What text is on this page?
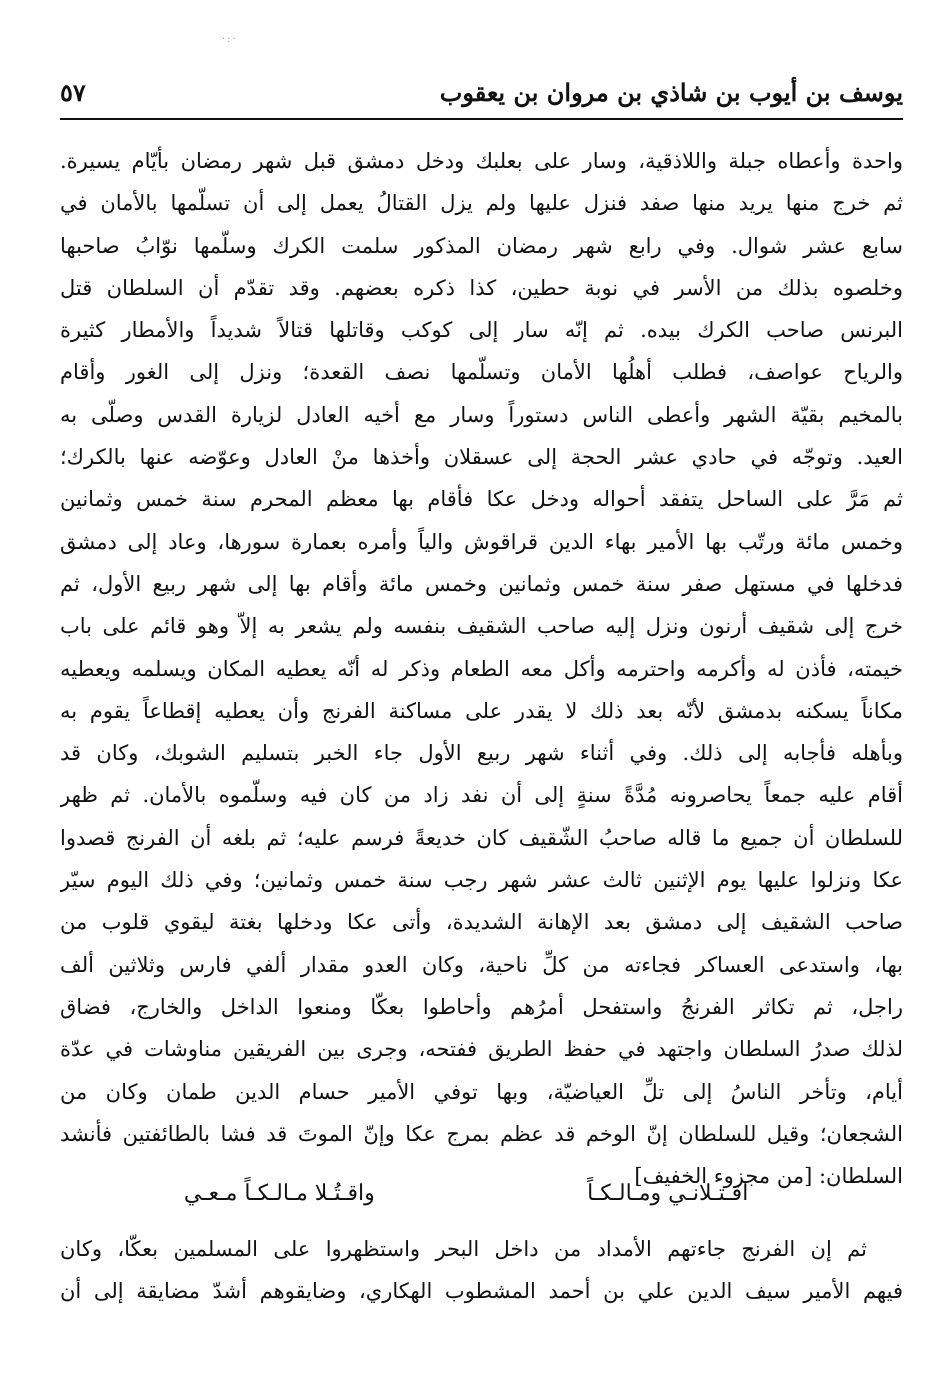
·:·
يوسف بن أيوب بن شاذي بن مروان بن يعقوب
٥٧
واحدة وأعطاه جبلة واللاذقية، وسار على بعلبك ودخل دمشق قبل شهر رمضان بأيّام يسيرة.
ثم خرج منها يريد منها صفد فنزل عليها ولم يزل القتالُ يعمل إلى أن تسلّمها بالأمان في
سابع عشر شوال. وفي رابع شهر رمضان المذكور سلمت الكرك وسلّمها نوّابُ صاحبها
وخلصوه بذلك من الأسر في نوبة حطين، كذا ذكره بعضهم. وقد تقدّم أن السلطان قتل
البرنس صاحب الكرك بيده. ثم إنّه سار إلى كوكب وقاتلها قتالاً شديداً والأمطار كثيرة
والرياح عواصف، فطلب أهلُها الأمان وتسلّمها نصف القعدة؛ ونزل إلى الغور وأقام
بالمخيم بقيّة الشهر وأعطى الناس دستوراً وسار مع أخيه العادل لزيارة القدس وصلّى به
العيد. وتوجّه في حادي عشر الحجة إلى عسقلان وأخذها منْ العادل وعوّضه عنها بالكرك؛
ثم مَرَّ على الساحل يتفقد أحواله ودخل عكا فأقام بها معظم المحرم سنة خمس وثمانين
وخمس مائة ورتّب بها الأمير بهاء الدين قراقوش والياً وأمره بعمارة سورها، وعاد إلى دمشق
فدخلها في مستهل صفر سنة خمس وثمانين وخمس مائة وأقام بها إلى شهر ربيع الأول، ثم
خرج إلى شقيف أرنون ونزل إليه صاحب الشقيف بنفسه ولم يشعر به إلاّ وهو قائم على باب
خيمته، فأذن له وأكرمه واحترمه وأكل معه الطعام وذكر له أنّه يعطيه المكان ويسلمه ويعطيه
مكاناً يسكنه بدمشق لأنّه بعد ذلك لا يقدر على مساكنة الفرنج وأن يعطيه إقطاعاً يقوم به
وبأهله فأجابه إلى ذلك. وفي أثناء شهر ربيع الأول جاء الخبر بتسليم الشوبك، وكان قد
أقام عليه جمعاً يحاصرونه مُدَّةً سنةٍ إلى أن نفد زاد من كان فيه وسلّموه بالأمان. ثم ظهر
للسلطان أن جميع ما قاله صاحبُ الشّقيف كان خديعةً فرسم عليه؛ ثم بلغه أن الفرنج قصدوا
عكا ونزلوا عليها يوم الإثنين ثالث عشر شهر رجب سنة خمس وثمانين؛ وفي ذلك اليوم سيّر
صاحب الشقيف إلى دمشق بعد الإهانة الشديدة، وأتى عكا ودخلها بغتة ليقوي قلوب من
بها، واستدعى العساكر فجاءته من كلِّ ناحية، وكان العدو مقدار ألفي فارس وثلاثين ألف
راجل، ثم تكاثر الفرنجُ واستفحل أمرُهم وأحاطوا بعكّا ومنعوا الداخل والخارج، فضاق
لذلك صدرُ السلطان واجتهد في حفظ الطريق ففتحه، وجرى بين الفريقين مناوشات في عدّة
أيام، وتأخر الناسُ إلى تلِّ العياضيّة، وبها توفي الأمير حسام الدين طمان وكان من
الشجعان؛ وقيل للسلطان إنّ الوخم قد عظم بمرج عكا وإنّ الموتَ قد فشا بالطائفتين فأنشد
السلطان: [من مجزوء الخفيف]
اقـتـلانـي ومـالـكـاً
واقـتُـلا مـالـكـاً مـعـي
ثم إن الفرنج جاءتهم الأمداد من داخل البحر واستظهروا على المسلمين بعكّا، وكان
فيهم الأمير سيف الدين علي بن أحمد المشطوب الهكاري، وضايقوهم أشدّ مضايقة إلى أن
